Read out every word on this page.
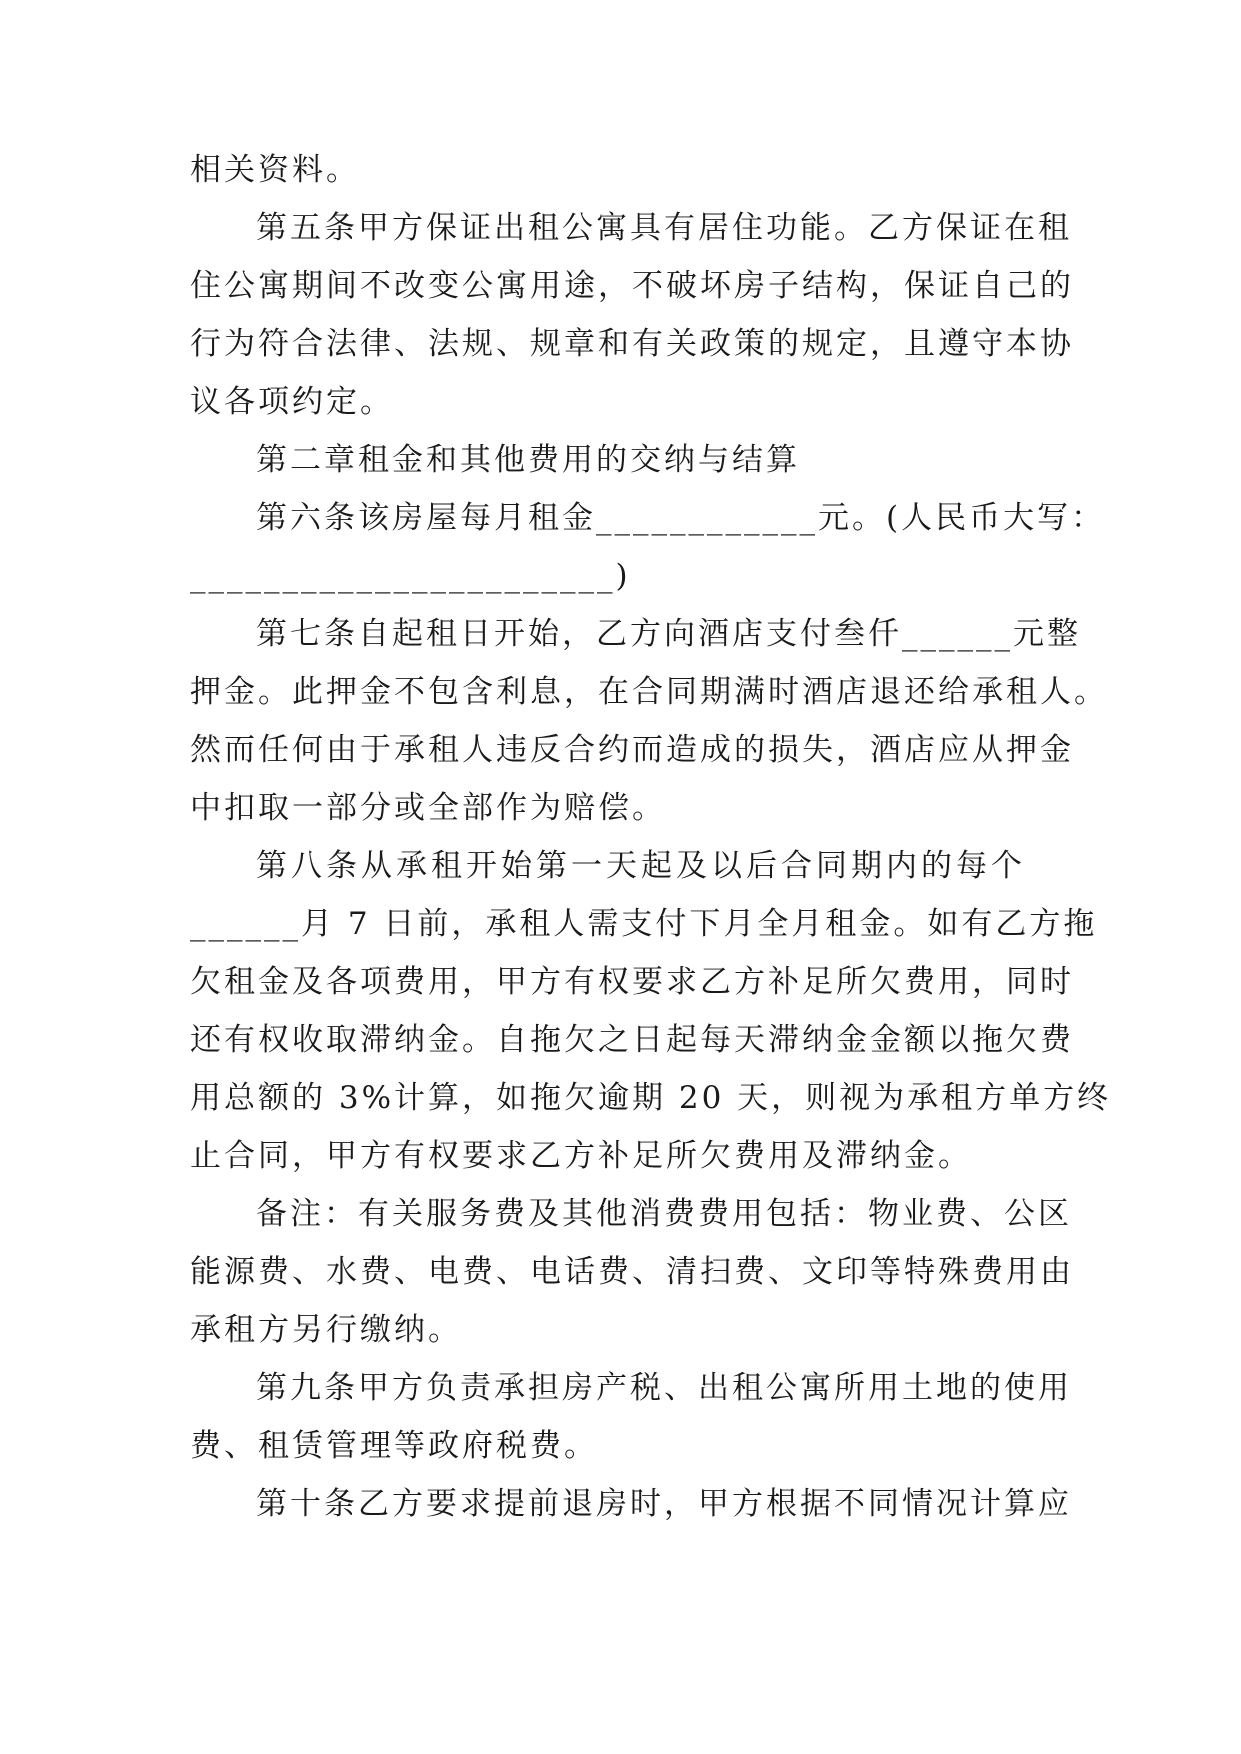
相关资料。
第五条甲方保证出租公寓具有居住功能。乙方保证在租
住公寓期间不改变公寓用途，不破坏房子结构，保证自己的
行为符合法律、法规、规章和有关政策的规定，且遵守本协
议各项约定。
第二章租金和其他费用的交纳与结算
第六条该房屋每月租金____________元。(人民币大写：
_______________________)
第七条自起租日开始，乙方向酒店支付叁仟______元整
押金。此押金不包含利息，在合同期满时酒店退还给承租人。
然而任何由于承租人违反合约而造成的损失，酒店应从押金
中扣取一部分或全部作为赔偿。
第八条从承租开始第一天起及以后合同期内的每个
______月 7 日前，承租人需支付下月全月租金。如有乙方拖
欠租金及各项费用，甲方有权要求乙方补足所欠费用，同时
还有权收取滞纳金。自拖欠之日起每天滞纳金金额以拖欠费
用总额的 3%计算，如拖欠逾期 20 天，则视为承租方单方终
止合同，甲方有权要求乙方补足所欠费用及滞纳金。
备注：有关服务费及其他消费费用包括：物业费、公区
能源费、水费、电费、电话费、清扫费、文印等特殊费用由
承租方另行缴纳。
第九条甲方负责承担房产税、出租公寓所用土地的使用
费、租赁管理等政府税费。
第十条乙方要求提前退房时，甲方根据不同情况计算应
